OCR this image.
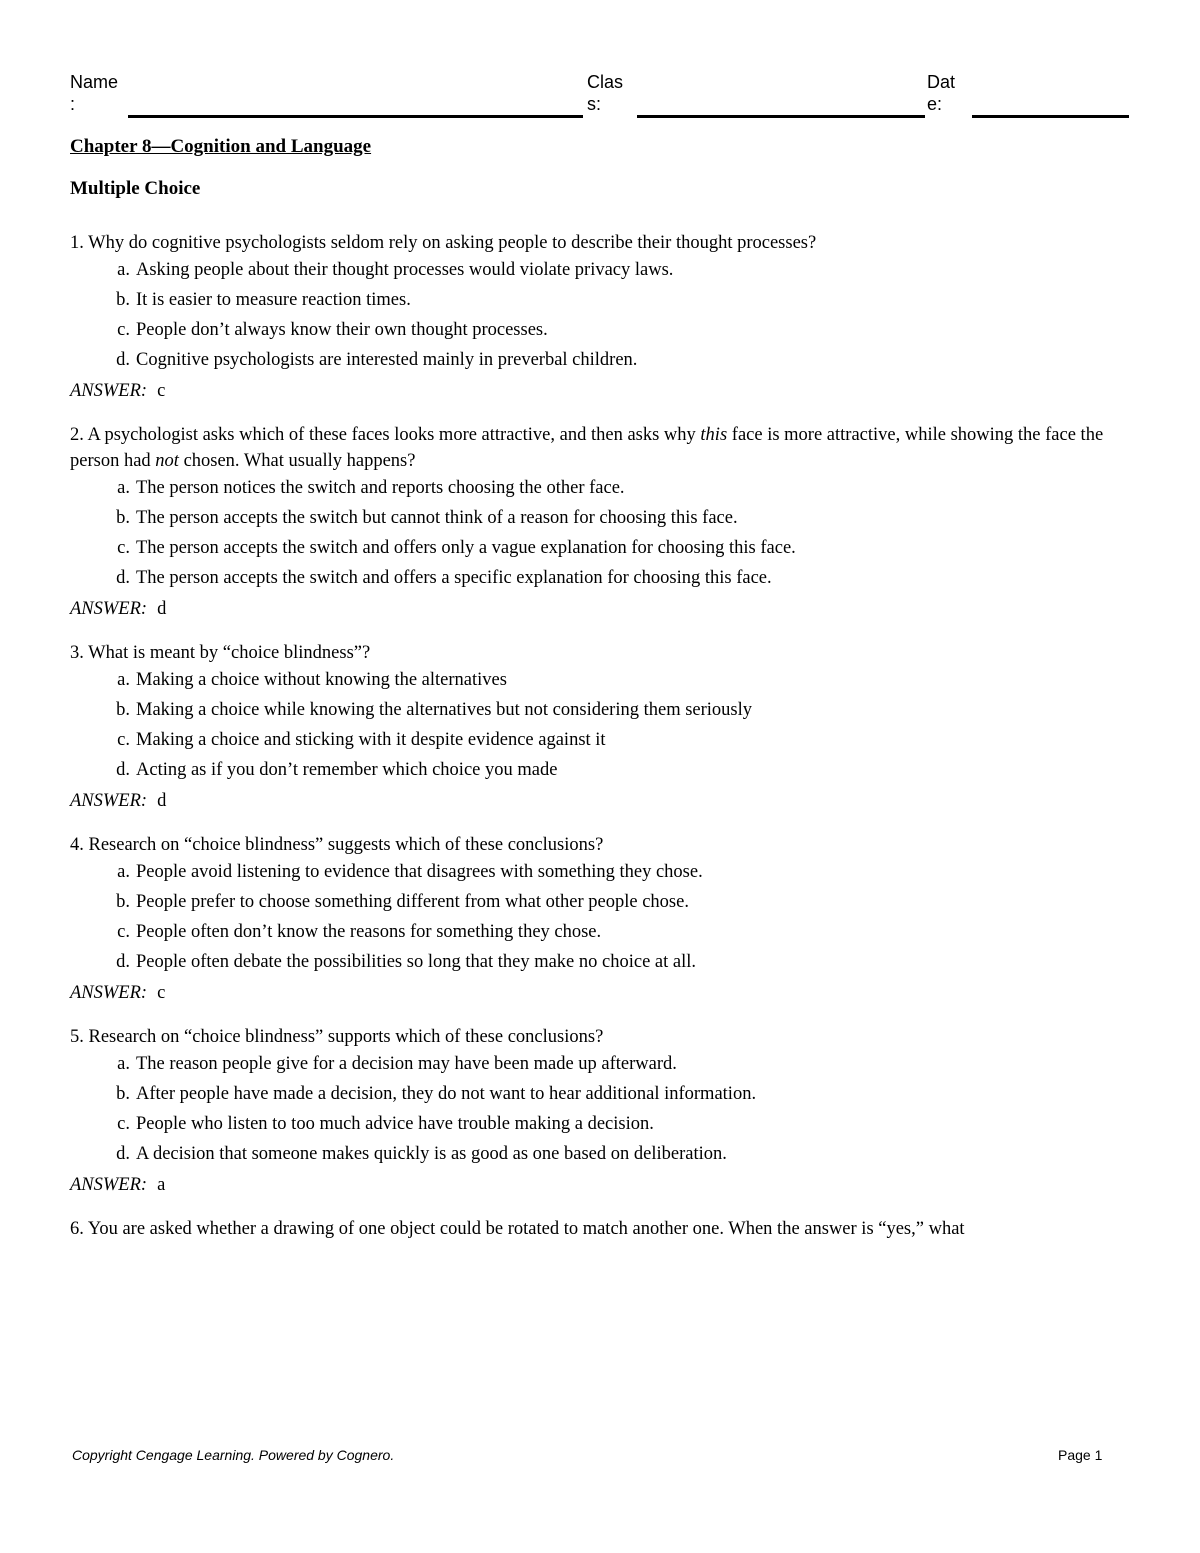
Name
:
Clas
s:
Dat
e:
Chapter 8—Cognition and Language
Multiple Choice
1. Why do cognitive psychologists seldom rely on asking people to describe their thought processes?
a. Asking people about their thought processes would violate privacy laws.
b. It is easier to measure reaction times.
c. People don’t always know their own thought processes.
d. Cognitive psychologists are interested mainly in preverbal children.
ANSWER: c
2. A psychologist asks which of these faces looks more attractive, and then asks why this face is more attractive, while showing the face the person had not chosen. What usually happens?
a. The person notices the switch and reports choosing the other face.
b. The person accepts the switch but cannot think of a reason for choosing this face.
c. The person accepts the switch and offers only a vague explanation for choosing this face.
d. The person accepts the switch and offers a specific explanation for choosing this face.
ANSWER: d
3. What is meant by “choice blindness”?
a. Making a choice without knowing the alternatives
b. Making a choice while knowing the alternatives but not considering them seriously
c. Making a choice and sticking with it despite evidence against it
d. Acting as if you don’t remember which choice you made
ANSWER: d
4. Research on “choice blindness” suggests which of these conclusions?
a. People avoid listening to evidence that disagrees with something they chose.
b. People prefer to choose something different from what other people chose.
c. People often don’t know the reasons for something they chose.
d. People often debate the possibilities so long that they make no choice at all.
ANSWER: c
5. Research on “choice blindness” supports which of these conclusions?
a. The reason people give for a decision may have been made up afterward.
b. After people have made a decision, they do not want to hear additional information.
c. People who listen to too much advice have trouble making a decision.
d. A decision that someone makes quickly is as good as one based on deliberation.
ANSWER: a
6. You are asked whether a drawing of one object could be rotated to match another one. When the answer is “yes,” what
Copyright Cengage Learning. Powered by Cognero.	Page 1
